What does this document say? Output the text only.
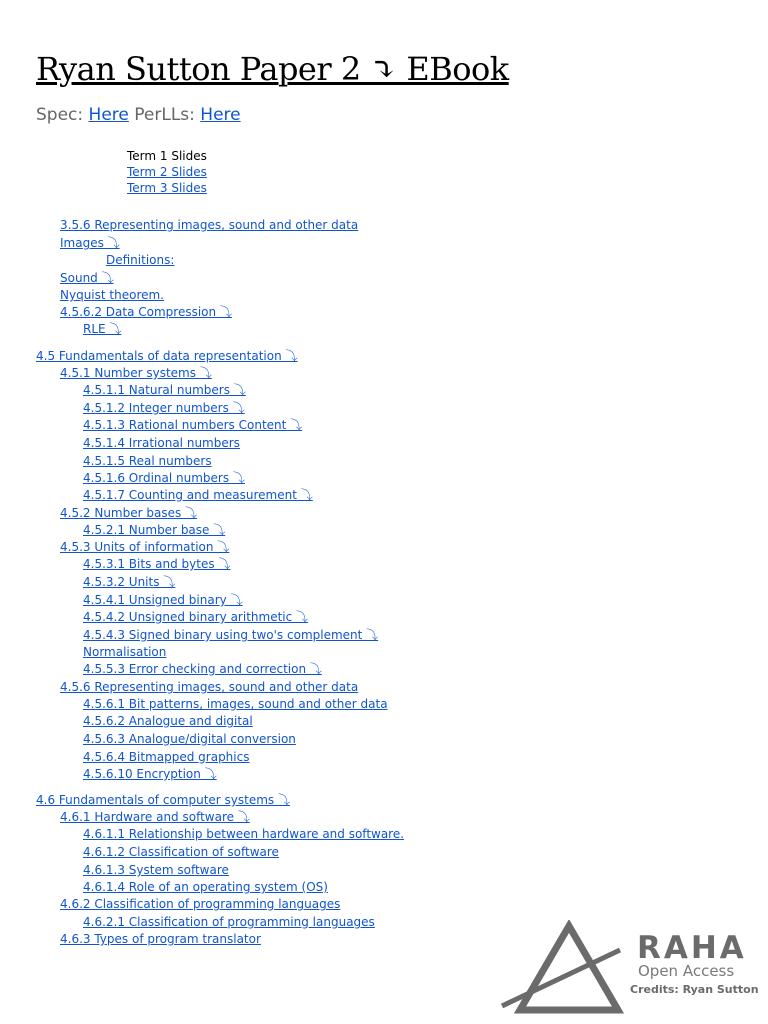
Ryan Sutton Paper 2 ⤵ EBook
Spec: Here PerLLs: Here
Term 1 Slides
Term 2 Slides
Term 3 Slides
3.5.6 Representing images, sound and other data
Images ⤵
Definitions:
Sound ⤵
Nyquist theorem.
4.5.6.2 Data Compression ⤵
RLE ⤵
4.5 Fundamentals of data representation ⤵
4.5.1 Number systems ⤵
4.5.1.1 Natural numbers ⤵
4.5.1.2 Integer numbers ⤵
4.5.1.3 Rational numbers Content ⤵
4.5.1.4 Irrational numbers
4.5.1.5 Real numbers
4.5.1.6 Ordinal numbers ⤵
4.5.1.7 Counting and measurement ⤵
4.5.2 Number bases ⤵
4.5.2.1 Number base ⤵
4.5.3 Units of information ⤵
4.5.3.1 Bits and bytes ⤵
4.5.3.2 Units ⤵
4.5.4.1 Unsigned binary ⤵
4.5.4.2 Unsigned binary arithmetic ⤵
4.5.4.3 Signed binary using two's complement ⤵
Normalisation
4.5.5.3 Error checking and correction ⤵
4.5.6 Representing images, sound and other data
4.5.6.1 Bit patterns, images, sound and other data
4.5.6.2 Analogue and digital
4.5.6.3 Analogue/digital conversion
4.5.6.4 Bitmapped graphics
4.5.6.10 Encryption ⤵
4.6 Fundamentals of computer systems ⤵
4.6.1 Hardware and software ⤵
4.6.1.1 Relationship between hardware and software.
4.6.1.2 Classification of software
4.6.1.3 System software
4.6.1.4 Role of an operating system (OS)
4.6.2 Classification of programming languages
4.6.2.1 Classification of programming languages
4.6.3 Types of program translator	RAHA
Open Access
Credits: Ryan Sutton
